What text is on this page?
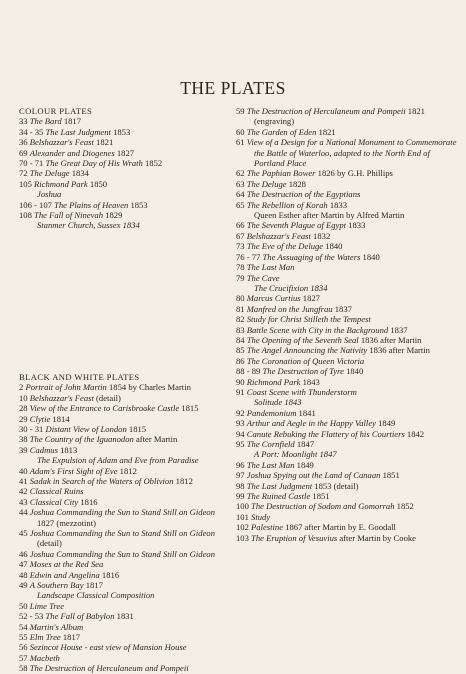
THE PLATES
COLOUR PLATES
33 The Bard 1817
34 - 35 The Last Judgment 1853
36 Belshazzar's Feast 1821
69 Alexander and Diogenes 1827
70 - 71 The Great Day of His Wrath 1852
72 The Deluge 1834
105 Richmond Park 1850
Joshua
106 - 107 The Plains of Heaven 1853
108 The Fall of Ninevah 1829
Stanmer Church, Sussex 1834
BLACK AND WHITE PLATES
2 Portrait of John Martin 1854 by Charles Martin
10 Belshazzar's Feast (detail)
28 View of the Entrance to Carisbrooke Castle 1815
29 Clytie 1814
30 - 31 Distant View of London 1815
38 The Country of the Iguanodon after Martin
39 Cadmus 1813
The Expulsion of Adam and Eve from Paradise
40 Adam's First Sight of Eve 1812
41 Sadak in Search of the Waters of Oblivion 1812
42 Classical Ruins
43 Classical City 1816
44 Joshua Commanding the Sun to Stand Still on Gideon 1827 (mezzotint)
45 Joshua Commanding the Sun to Stand Still on Gideon (detail)
46 Joshua Commanding the Sun to Stand Still on Gideon
47 Moses at the Red Sea
48 Edwin and Angelina 1816
49 A Southern Bay 1817
Landscape Classical Composition
50 Lime Tree
52 - 53 The Fall of Babylon 1831
54 Martin's Album
55 Elm Tree 1817
56 Sezincot House - east view of Mansion House
57 Macbeth
58 The Destruction of Herculaneum and Pompeii
59 The Destruction of Herculaneum and Pompeii 1821 (engraving)
60 The Garden of Eden 1821
61 View of a Design for a National Monument to Commemorate the Battle of Waterloo, adapted to the North End of Portland Place
62 The Paphian Bower 1826 by G.H. Phillips
63 The Deluge 1828
64 The Destruction of the Egyptians
65 The Rebellion of Korah 1833
Queen Esther after Martin by Alfred Martin
66 The Seventh Plague of Egypt 1833
67 Belshazzar's Feast 1832
73 The Eve of the Deluge 1840
76 - 77 The Assuaging of the Waters 1840
78 The Last Man
79 The Cave
The Crucifixion 1834
80 Marcus Curtius 1827
81 Manfred on the Jungfrau 1837
82 Study for Christ Stilleth the Tempest
83 Battle Scene with City in the Background 1837
84 The Opening of the Seventh Seal 1836 after Martin
85 The Angel Announcing the Nativity 1836 after Martin
86 The Coronation of Queen Victoria
88 - 89 The Destruction of Tyre 1840
90 Richmond Park 1843
91 Coast Scene with Thunderstorm
Solitude 1843
92 Pandemonium 1841
93 Arthur and Aegle in the Happy Valley 1849
94 Canute Rebuking the Flattery of his Courtiers 1842
95 The Cornfield 1847
A Port: Moonlight 1847
96 The Last Man 1849
97 Joshua Spying out the Land of Canaan 1851
98 The Last Judgment 1853 (detail)
99 The Ruined Castle 1851
100 The Destruction of Sodom and Gomorrah 1852
101 Study
102 Palestine 1867 after Martin by E. Goodall
103 The Eruption of Vesuvius after Martin by Cooke
